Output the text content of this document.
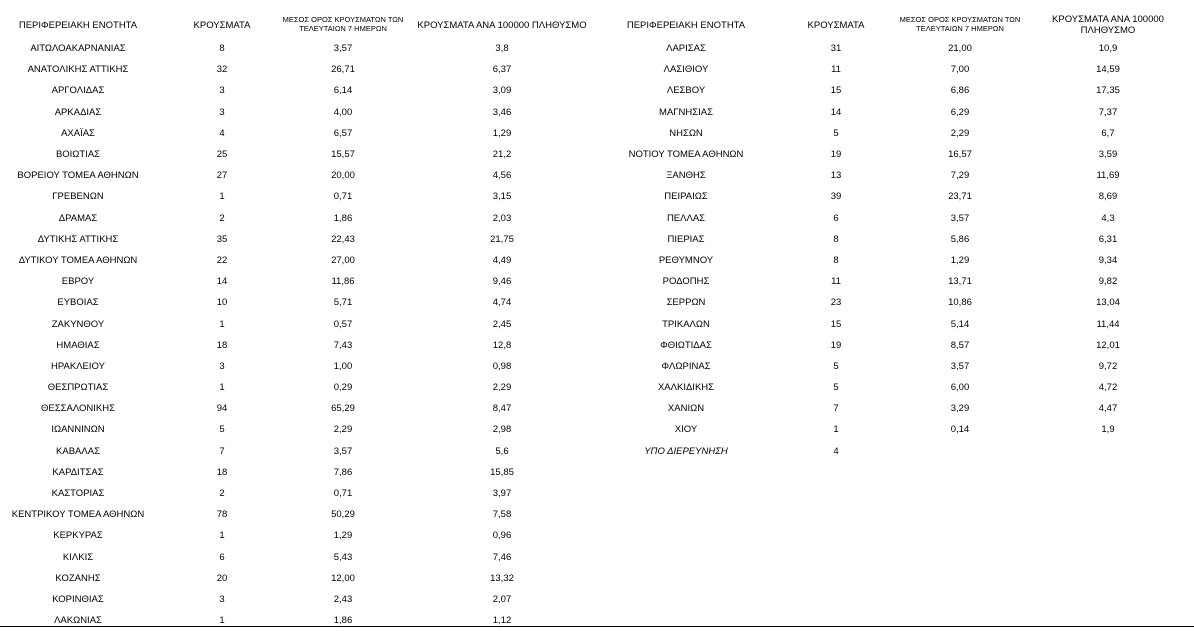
ΠΕΡΙΦΕΡΕΙΑΚΗ ΕΝΟΤΗΤΑ	ΚΡΟΥΣΜΑΤΑ	ΜΕΣΟΣ ΟΡΟΣ ΚΡΟΥΣΜΑΤΩΝ ΤΩΝ
ΤΕΛΕΥΤΑΙΩΝ 7 ΗΜΕΡΩΝ	ΚΡΟΥΣΜΑΤΑ ΑΝΑ 100000 ΠΛΗΘΥΣΜΟ
ΑΙΤΩΛΟΑΚΑΡΝΑΝΙΑΣ	8	3,57	3,8
ΑΝΑΤΟΛΙΚΗΣ ΑΤΤΙΚΗΣ	32	26,71	6,37
ΑΡΓΟΛΙΔΑΣ	3	6,14	3,09
ΑΡΚΑΔΙΑΣ	3	4,00	3,46
ΑΧΑΪΑΣ	4	6,57	1,29
ΒΟΙΩΤΙΑΣ	25	15,57	21,2
ΒΟΡΕΙΟΥ ΤΟΜΕΑ ΑΘΗΝΩΝ	27	20,00	4,56
ΓΡΕΒΕΝΩΝ	1	0,71	3,15
ΔΡΑΜΑΣ	2	1,86	2,03
ΔΥΤΙΚΗΣ ΑΤΤΙΚΗΣ	35	22,43	21,75
ΔΥΤΙΚΟΥ ΤΟΜΕΑ ΑΘΗΝΩΝ	22	27,00	4,49
ΕΒΡΟΥ	14	11,86	9,46
ΕΥΒΟΙΑΣ	10	5,71	4,74
ΖΑΚΥΝΘΟΥ	1	0,57	2,45
ΗΜΑΘΙΑΣ	18	7,43	12,8
ΗΡΑΚΛΕΙΟΥ	3	1,00	0,98
ΘΕΣΠΡΩΤΙΑΣ	1	0,29	2,29
ΘΕΣΣΑΛΟΝΙΚΗΣ	94	65,29	8,47
ΙΩΑΝΝΙΝΩΝ	5	2,29	2,98
ΚΑΒΑΛΑΣ	7	3,57	5,6
ΚΑΡΔΙΤΣΑΣ	18	7,86	15,85
ΚΑΣΤΟΡΙΑΣ	2	0,71	3,97
ΚΕΝΤΡΙΚΟΥ ΤΟΜΕΑ ΑΘΗΝΩΝ	78	50,29	7,58
ΚΕΡΚΥΡΑΣ	1	1,29	0,96
ΚΙΛΚΙΣ	6	5,43	7,46
ΚΟΖΑΝΗΣ	20	12,00	13,32
ΚΟΡΙΝΘΙΑΣ	3	2,43	2,07
ΛΑΚΩΝΙΑΣ	1	1,86	1,12
ΠΕΡΙΦΕΡΕΙΑΚΗ ΕΝΟΤΗΤΑ	ΚΡΟΥΣΜΑΤΑ	ΜΕΣΟΣ ΟΡΟΣ ΚΡΟΥΣΜΑΤΩΝ ΤΩΝ
ΤΕΛΕΥΤΑΙΩΝ 7 ΗΜΕΡΩΝ
ΚΡΟΥΣΜΑΤΑ ΑΝΑ 100000 ΠΛΗΘΥΣΜΟ
ΛΑΡΙΣΑΣ	31	21,00	10,9
ΛΑΣΙΘΙΟΥ	11	7,00	14,59
ΛΕΣΒΟΥ	15	6,86	17,35
ΜΑΓΝΗΣΙΑΣ	14	6,29	7,37
ΝΗΣΩΝ	5	2,29	6,7
ΝΟΤΙΟΥ ΤΟΜΕΑ ΑΘΗΝΩΝ	19	16,57	3,59
ΞΑΝΘΗΣ	13	7,29	11,69
ΠΕΙΡΑΙΩΣ	39	23,71	8,69
ΠΕΛΛΑΣ	6	3,57	4,3
ΠΙΕΡΙΑΣ	8	5,86	6,31
ΡΕΘΥΜΝΟΥ	8	1,29	9,34
ΡΟΔΟΠΗΣ	11	13,71	9,82
ΣΕΡΡΩΝ	23	10,86	13,04
ΤΡΙΚΑΛΩΝ	15	5,14	11,44
ΦΘΙΩΤΙΔΑΣ	19	8,57	12,01
ΦΛΩΡΙΝΑΣ	5	3,57	9,72
ΧΑΛΚΙΔΙΚΗΣ	5	6,00	4,72
ΧΑΝΙΩΝ	7	3,29	4,47
ΧΙΟΥ	1	0,14	1,9
ΥΠΟ ΔΙΕΡΕΥΝΗΣΗ	4
